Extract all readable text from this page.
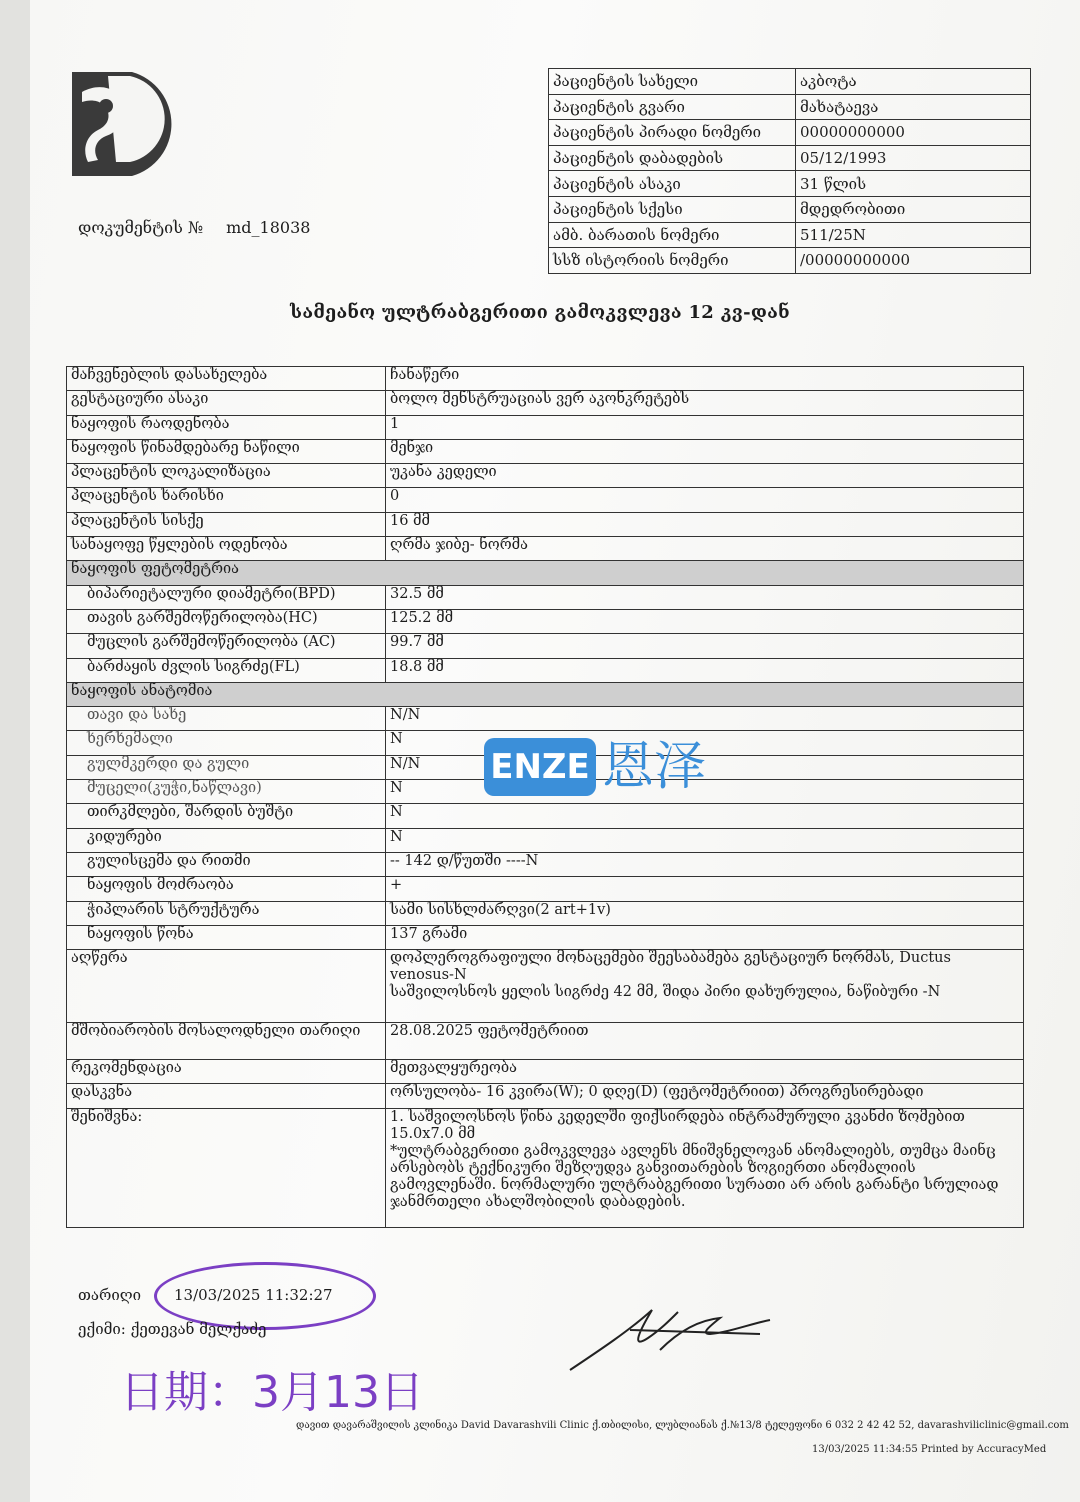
დოკუმენტის № md_18038
პაციენტის სახელი	აკბოტა
პაციენტის გვარი	მახატაევა
პაციენტის პირადი ნომერი	00000000000
პაციენტის დაბადების	05/12/1993
პაციენტის ასაკი	31 წლის
პაციენტის სქესი	მდედრობითი
ამბ. ბარათის ნომერი	511/25N
სსზ ისტორიის ნომერი	/00000000000
სამეანო ულტრაბგერითი გამოკვლევა 12 კვ-დან
მაჩვენებლის დასახელება	ჩანაწერი
გესტაციური ასაკი	ბოლო მენსტრუაციას ვერ აკონკრეტებს
ნაყოფის რაოდენობა	1
ნაყოფის წინამდებარე ნაწილი	მენჯი
პლაცენტის ლოკალიზაცია	უკანა კედელი
პლაცენტის ხარისხი	0
პლაცენტის სისქე	16 მმ
სანაყოფე წყლების ოდენობა	ღრმა ჯიბე- ნორმა
ნაყოფის ფეტომეტრია	
ბიპარიეტალური დიამეტრი(BPD)	32.5 მმ
თავის გარშემოწერილობა(HC)	125.2 მმ
მუცლის გარშემოწერილობა (AC)	99.7 მმ
ბარძაყის ძვლის სიგრძე(FL)	18.8 მმ
ნაყოფის ანატომია	
თავი და სახე	N/N
ხერხემალი	N
გულმკერდი და გული	N/N
მუცელი(კუჭი,ნაწლავი)	N
თირკმლები, შარდის ბუშტი	N
კიდურები	N
გულისცემა და რითმი	-- 142 დ/წუთში ----N
ნაყოფის მოძრაობა	+
ჭიპლარის სტრუქტურა	სამი სისხლძარღვი(2 art+1v)
ნაყოფის წონა	137 გრამი
აღწერა	დოპლეროგრაფიული მონაცემები შეესაბამება გესტაციურ ნორმას, Ductus venosus-N
საშვილოსნოს ყელის სიგრძე 42 მმ, შიდა პირი დახურულია, ნაწიბური -N

მშობიარობის მოსალოდნელი თარიღი	28.08.2025 ფეტომეტრიით
რეკომენდაცია	მეთვალყურეობა
დასკვნა	ორსულობა- 16 კვირა(W); 0 დღე(D) (ფეტომეტრიით) პროგრესირებადი
შენიშვნა:	1. საშვილოსნოს წინა კედელში ფიქსირდება ინტრამურული კვანძი ზომებით 15.0x7.0 მმ
*ულტრაბგერითი გამოკვლევა ავლენს მნიშვნელოვან ანომალიებს, თუმცა მაინც არსებობს ტექნიკური შეზღუდვა განვითარების ზოგიერთი ანომალიის გამოვლენაში. ნორმალური ულტრაბგერითი სურათი არ არის გარანტი სრულიად ჯანმრთელი ახალშობილის დაბადების.
ENZE 恩泽
თარიღი 13/03/2025 11:32:27
ექიმი: ქეთევან მელქაძე
日期：3月13日
დავით დავარაშვილის კლინიკა David Davarashvili Clinic ქ.თბილისი, ლუბლიანას ქ.№13/8 ტელეფონი 6 032 2 42 42 52, davarashviliclinic@gmail.com
13/03/2025 11:34:55 Printed by AccuracyMed
